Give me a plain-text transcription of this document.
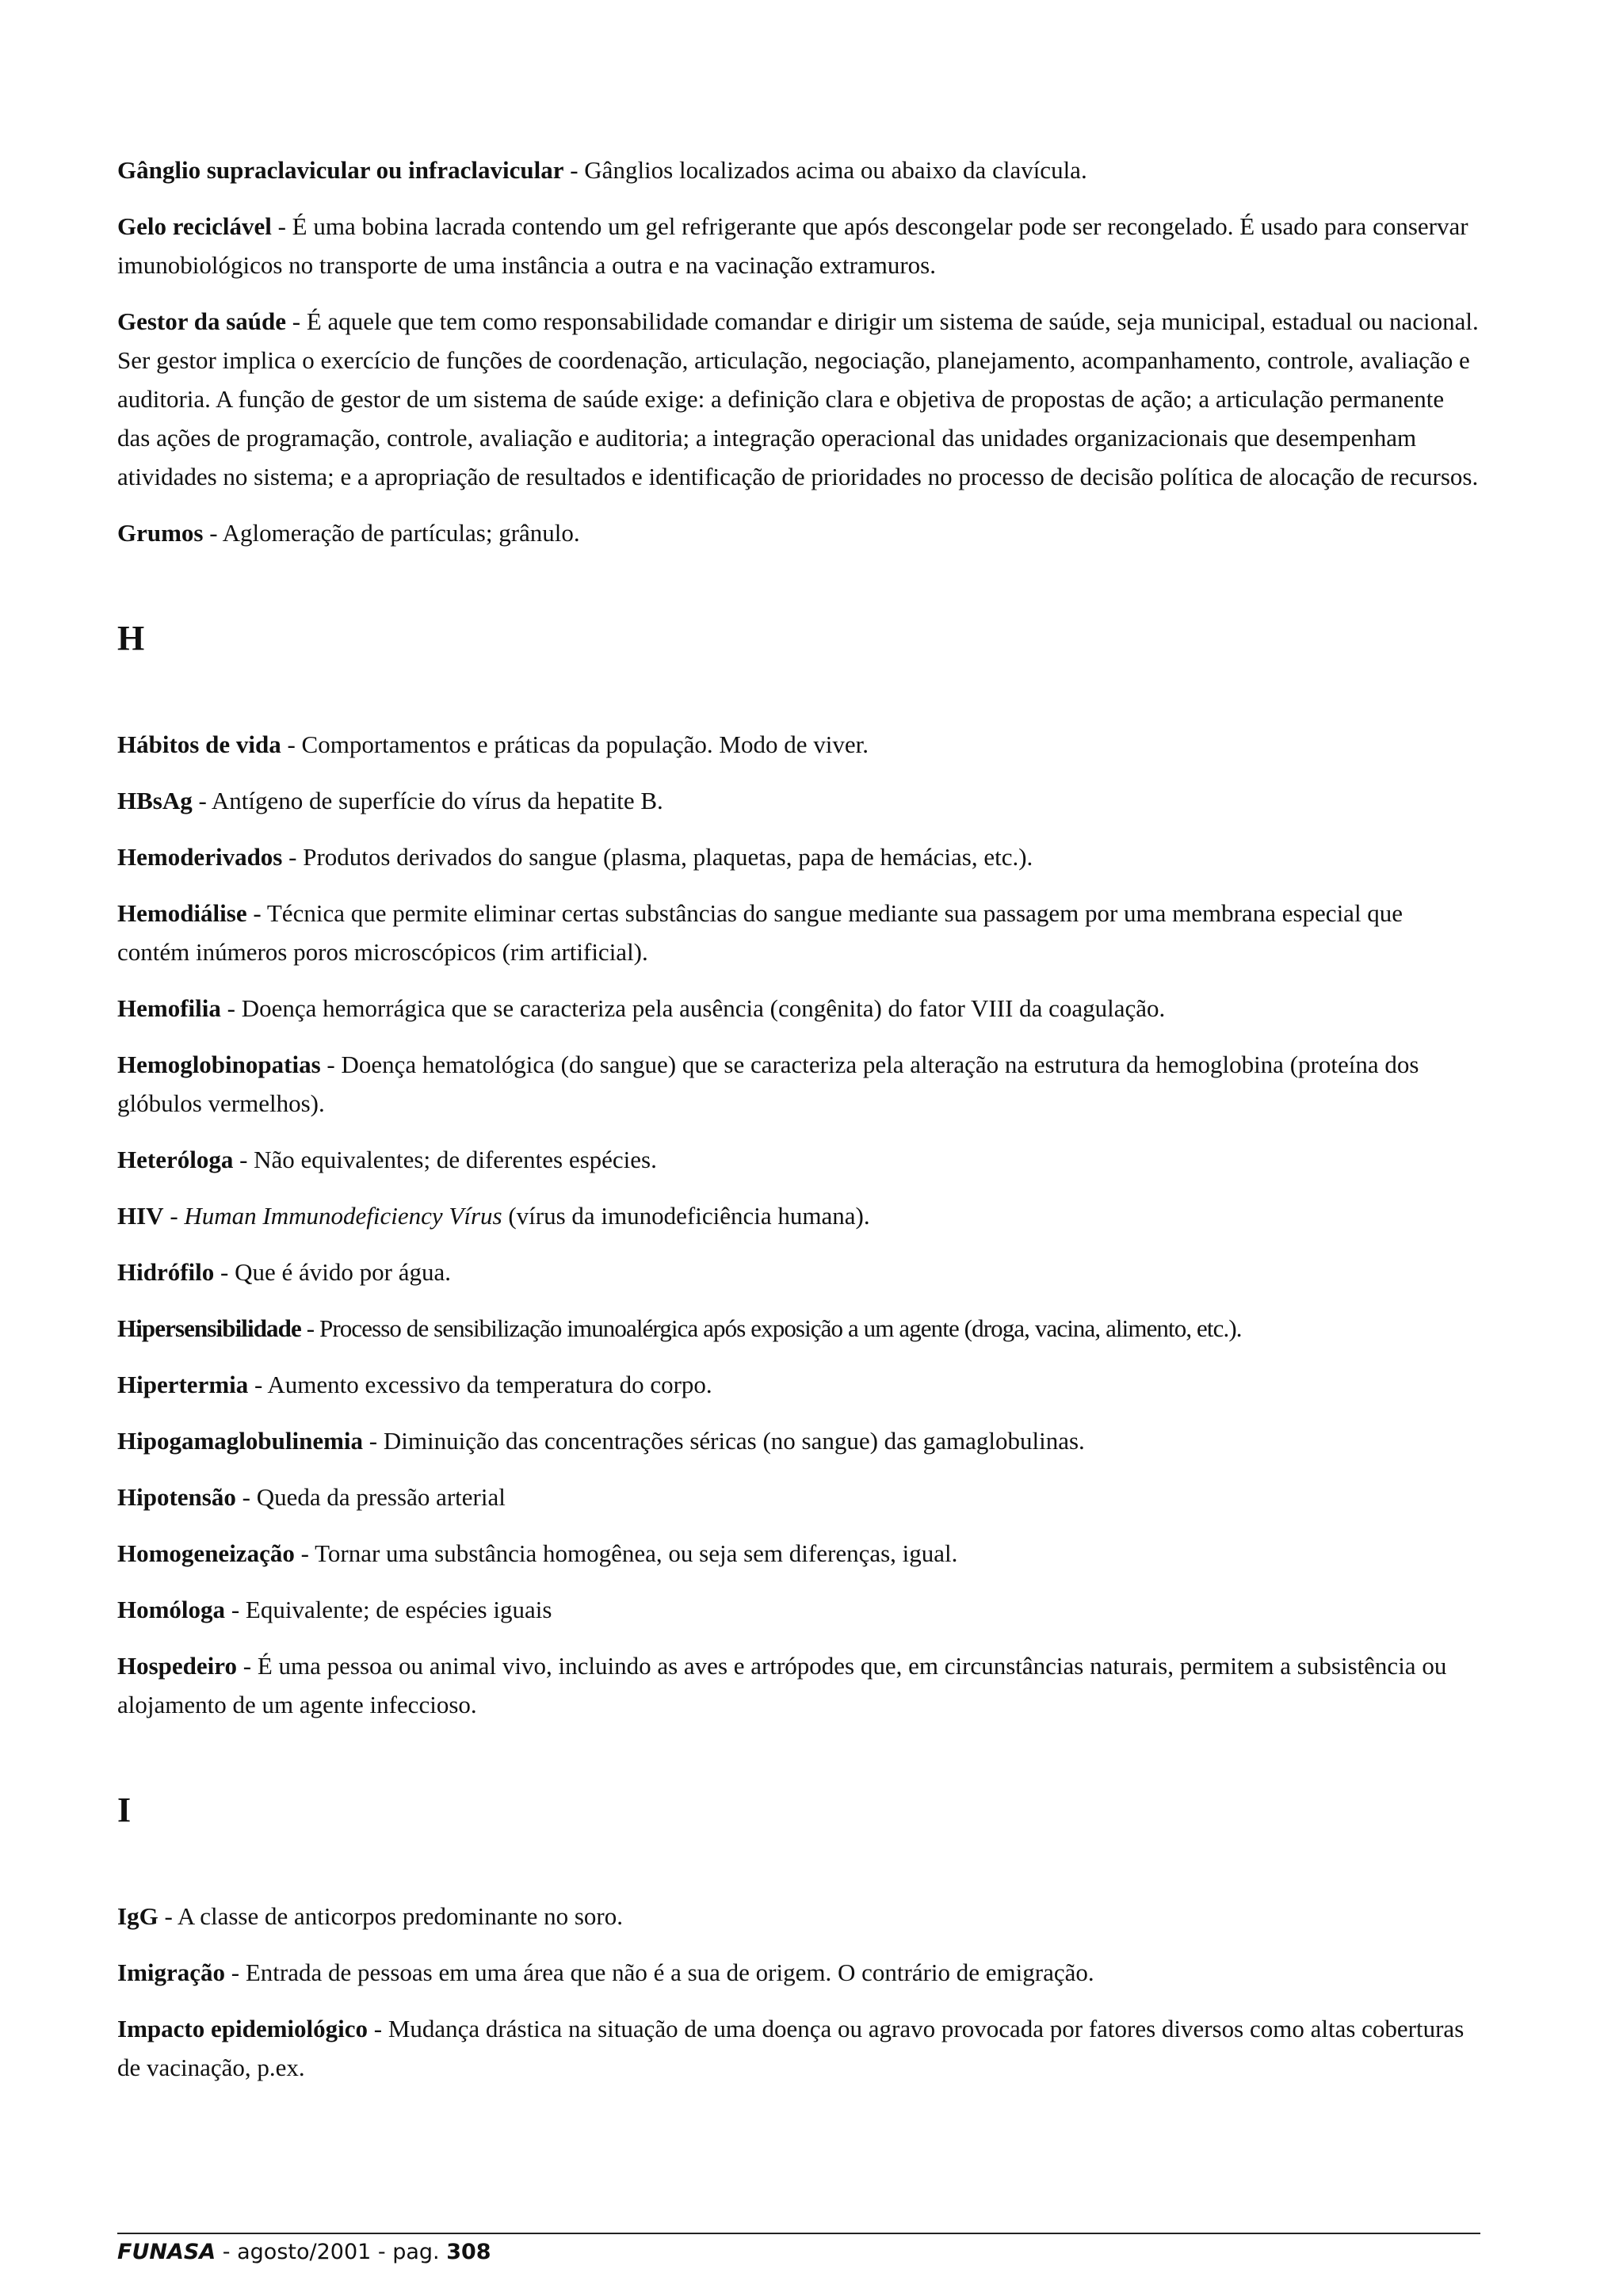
Gânglio supraclavicular ou infraclavicular - Gânglios localizados acima ou abaixo da clavícula.

Gelo reciclável - É uma bobina lacrada contendo um gel refrigerante que após descongelar pode ser recongelado. É usado para conservar imunobiológicos no transporte de uma instância a outra e na vacinação extramuros.

Gestor da saúde - É aquele que tem como responsabilidade comandar e dirigir um sistema de saúde, seja municipal, estadual ou nacional. Ser gestor implica o exercício de funções de coordenação, articulação, negociação, planejamento, acompanhamento, controle, avaliação e auditoria. A função de gestor de um sistema de saúde exige: a definição clara e objetiva de propostas de ação; a articulação permanente das ações de programação, controle, avaliação e auditoria; a integração operacional das unidades organizacionais que desempenham atividades no sistema; e a apropriação de resultados e identificação de prioridades no processo de decisão política de alocação de recursos.

Grumos - Aglomeração de partículas; grânulo.

H

Hábitos de vida - Comportamentos e práticas da população. Modo de viver.

HBsAg - Antígeno de superfície do vírus da hepatite B.

Hemoderivados - Produtos derivados do sangue (plasma, plaquetas, papa de hemácias, etc.).

Hemodiálise - Técnica que permite eliminar certas substâncias do sangue mediante sua passagem por uma membrana especial que contém inúmeros poros microscópicos (rim artificial).

Hemofilia - Doença hemorrágica que se caracteriza pela ausência (congênita) do fator VIII da coagulação.

Hemoglobinopatias - Doença hematológica (do sangue) que se caracteriza pela alteração na estrutura da hemoglobina (proteína dos glóbulos vermelhos).

Heteróloga - Não equivalentes; de diferentes espécies.

HIV - Human Immunodeficiency Vírus (vírus da imunodeficiência humana).

Hidrófilo - Que é ávido por água.

Hipersensibilidade - Processo de sensibilização imunoalérgica após exposição a um agente (droga, vacina, alimento, etc.).

Hipertermia - Aumento excessivo da temperatura do corpo.

Hipogamaglobulinemia - Diminuição das concentrações séricas (no sangue) das gamaglobulinas.

Hipotensão - Queda da pressão arterial

Homogeneização - Tornar uma substância homogênea, ou seja sem diferenças, igual.

Homóloga - Equivalente; de espécies iguais

Hospedeiro - É uma pessoa ou animal vivo, incluindo as aves e artrópodes que, em circunstâncias naturais, permitem a subsistência ou alojamento de um agente infeccioso.

I

IgG - A classe de anticorpos predominante no soro.

Imigração - Entrada de pessoas em uma área que não é a sua de origem. O contrário de emigração.

Impacto epidemiológico - Mudança drástica na situação de uma doença ou agravo provocada por fatores diversos como altas coberturas de vacinação, p.ex.

FUNASA - agosto/2001 - pag. 308
